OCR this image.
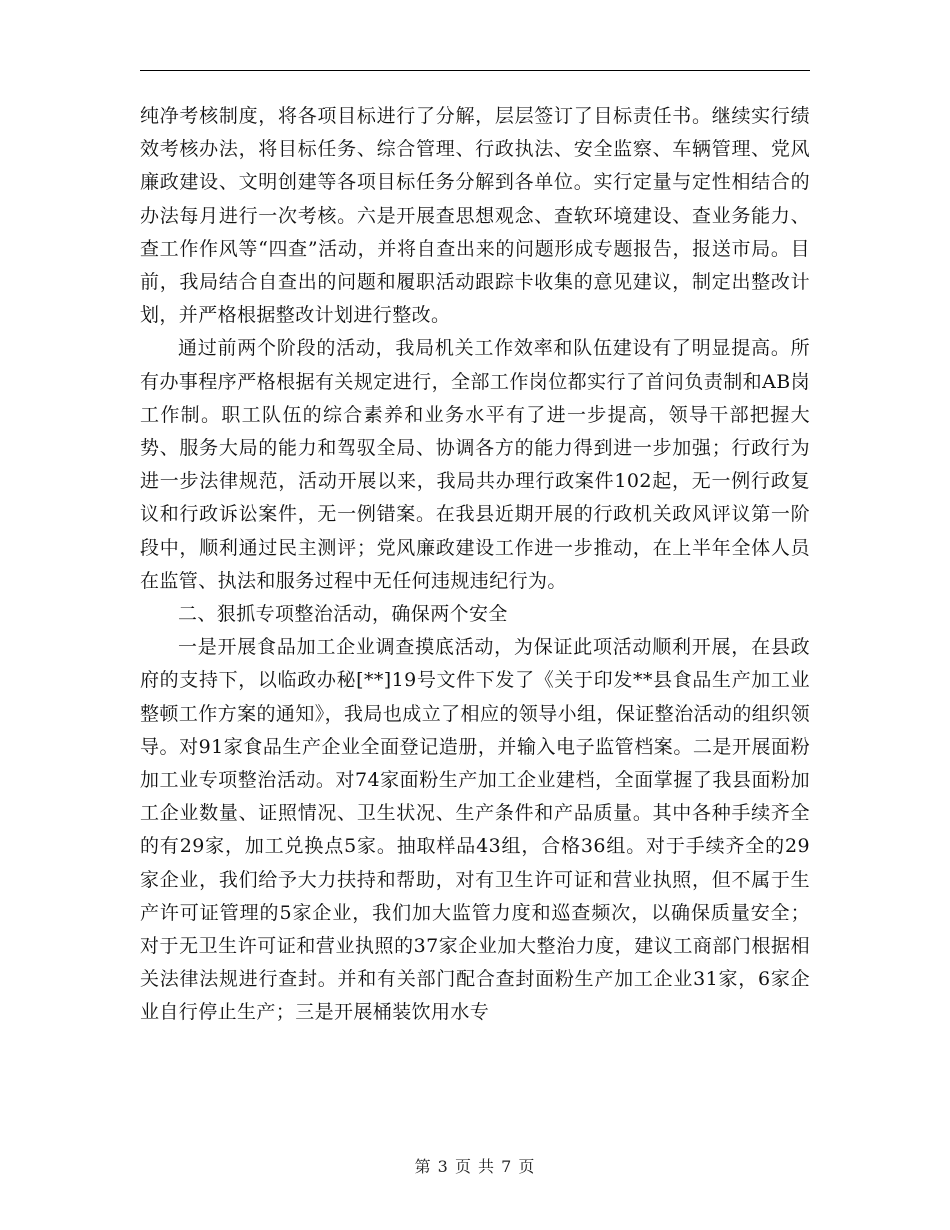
纯净考核制度，将各项目标进行了分解，层层签订了目标责任书。继续实行绩效考核办法，将目标任务、综合管理、行政执法、安全监察、车辆管理、党风廉政建设、文明创建等各项目标任务分解到各单位。实行定量与定性相结合的办法每月进行一次考核。六是开展查思想观念、查软环境建设、查业务能力、查工作作风等“四查”活动，并将自查出来的问题形成专题报告，报送市局。目前，我局结合自查出的问题和履职活动跟踪卡收集的意见建议，制定出整改计划，并严格根据整改计划进行整改。

通过前两个阶段的活动，我局机关工作效率和队伍建设有了明显提高。所有办事程序严格根据有关规定进行，全部工作岗位都实行了首问负责制和AB岗工作制。职工队伍的综合素养和业务水平有了进一步提高，领导干部把握大势、服务大局的能力和驾驭全局、协调各方的能力得到进一步加强；行政行为进一步法律规范，活动开展以来，我局共办理行政案件102起，无一例行政复议和行政诉讼案件，无一例错案。在我县近期开展的行政机关政风评议第一阶段中，顺利通过民主测评；党风廉政建设工作进一步推动，在上半年全体人员在监管、执法和服务过程中无任何违规违纪行为。

二、狠抓专项整治活动，确保两个安全

一是开展食品加工企业调查摸底活动，为保证此项活动顺利开展，在县政府的支持下，以临政办秘[**]19号文件下发了《关于印发**县食品生产加工业整顿工作方案的通知》，我局也成立了相应的领导小组，保证整治活动的组织领导。对91家食品生产企业全面登记造册，并输入电子监管档案。二是开展面粉加工业专项整治活动。对74家面粉生产加工企业建档，全面掌握了我县面粉加工企业数量、证照情况、卫生状况、生产条件和产品质量。其中各种手续齐全的有29家，加工兑换点5家。抽取样品43组，合格36组。对于手续齐全的29家企业，我们给予大力扶持和帮助，对有卫生许可证和营业执照，但不属于生产许可证管理的5家企业，我们加大监管力度和巡查频次，以确保质量安全；对于无卫生许可证和营业执照的37家企业加大整治力度，建议工商部门根据相关法律法规进行查封。并和有关部门配合查封面粉生产加工企业31家，6家企业自行停止生产；三是开展桶装饮用水专

第 3 页 共 7 页
